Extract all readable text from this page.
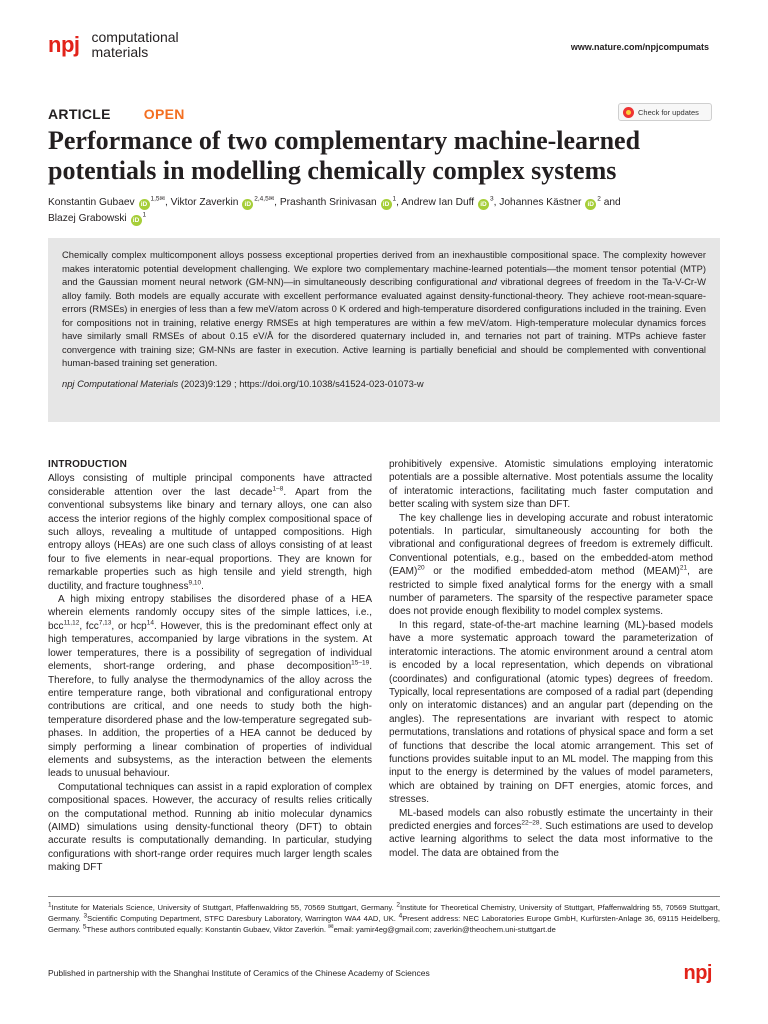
npj computational
materials	www.nature.com/npjcompumats
ARTICLE OPEN	Check for updates
Performance of two complementary machine-learned potentials in modelling chemically complex systems
Konstantin Gubaev $iD^{1,5✉}$, Viktor Zaverkin $iD^{2,4,5✉}$, Prashanth Srinivasan $iD^1$, Andrew Ian Duff $iD^3$, Johannes Kästner $iD^2$ and
Blazej Grabowski $iD^1$

Chemically complex multicomponent alloys possess exceptional properties derived from an inexhaustible compositional space. The complexity however makes interatomic potential development challenging. We explore two complementary machine-learned potentials—the moment tensor potential (MTP) and the Gaussian moment neural network (GM-NN)—in simultaneously describing configurational and vibrational degrees of freedom in the Ta-V-Cr-W alloy family. Both models are equally accurate with excellent performance evaluated against density-functional-theory. They achieve root-mean-square-errors (RMSEs) in energies of less than a few meV/atom across 0 K ordered and high-temperature disordered configurations included in the training. Even for compositions not in training, relative energy RMSEs at high temperatures are within a few meV/atom. High-temperature molecular dynamics forces have similarly small RMSEs of about 0.15 eV/Å for the disordered quaternary included in, and ternaries not part of training. MTPs achieve faster convergence with training size; GM-NNs are faster in execution. Active learning is partially beneficial and should be complemented with conventional human-based training set generation.

npj Computational Materials (2023)9:129 ; https://doi.org/10.1038/s41524-023-01073-w

INTRODUCTION

Alloys consisting of multiple principal components have attracted considerable attention over the last decade$^{1-8}$. Apart from the conventional subsystems like binary and ternary alloys, one can also access the interior regions of the highly complex compositional space of such alloys, revealing a multitude of untapped compositions. High entropy alloys (HEAs) are one such class of alloys consisting of at least four to five elements in near-equal proportions. They are known for remarkable properties such as high tensile and yield strength, high ductility, and fracture toughness$^{9,10}$.

A high mixing entropy stabilises the disordered phase of a HEA wherein elements randomly occupy sites of the simple lattices, i.e., bcc$^{11,12}$, fcc$^{7,13}$, or hcp$^{14}$. However, this is the predominant effect only at high temperatures, accompanied by large vibrations in the system. At lower temperatures, there is a possibility of segregation of individual elements, short-range ordering, and phase decomposition$^{15-19}$. Therefore, to fully analyse the thermodynamics of the alloy across the entire temperature range, both vibrational and configurational entropy contributions are critical, and one needs to study both the high-temperature disordered phase and the low-temperature segregated sub-phases. In addition, the properties of a HEA cannot be deduced by simply performing a linear combination of properties of individual elements and subsystems, as the interaction between the elements leads to unusual behaviour.

Computational techniques can assist in a rapid exploration of complex compositional spaces. However, the accuracy of results relies critically on the computational method. Running ab initio molecular dynamics (AIMD) simulations using density-functional theory (DFT) to obtain accurate results is computationally demanding. In particular, studying configurations with short-range order requires much larger length scales making DFT

prohibitively expensive. Atomistic simulations employing interatomic potentials are a possible alternative. Most potentials assume the locality of interatomic interactions, facilitating much faster computation and better scaling with system size than DFT.

The key challenge lies in developing accurate and robust interatomic potentials. In particular, simultaneously accounting for both the vibrational and configurational degrees of freedom is extremely difficult. Conventional potentials, e.g., based on the embedded-atom method (EAM)$^{20}$ or the modified embedded-atom method (MEAM)$^{21}$, are restricted to simple fixed analytical forms for the energy with a small number of parameters. The sparsity of the respective parameter space does not provide enough flexibility to model complex systems.

In this regard, state-of-the-art machine learning (ML)-based models have a more systematic approach toward the parameterization of interatomic interactions. The atomic environment around a central atom is encoded by a local representation, which depends on vibrational (coordinates) and configurational (atomic types) degrees of freedom. Typically, local representations are composed of a radial part (depending only on interatomic distances) and an angular part (depending on the angles). The representations are invariant with respect to atomic permutations, translations and rotations of physical space and form a set of functions that describe the local atomic arrangement. This set of functions provides suitable input to an ML model. The mapping from this input to the energy is determined by the values of model parameters, which are obtained by training on DFT energies, atomic forces, and stresses.

ML-based models can also robustly estimate the uncertainty in their predicted energies and forces$^{22-28}$. Such estimations are used to develop active learning algorithms to select the data most informative to the model. The data are obtained from the

$^1$Institute for Materials Science, University of Stuttgart, Pfaffenwaldring 55, 70569 Stuttgart, Germany. $^2$Institute for Theoretical Chemistry, University of Stuttgart, Pfaffenwaldring 55, 70569 Stuttgart, Germany. $^3$Scientific Computing Department, STFC Daresbury Laboratory, Warrington WA4 4AD, UK. $^4$Present address: NEC Laboratories Europe GmbH, Kurfürsten-Anlage 36, 69115 Heidelberg, Germany. $^5$These authors contributed equally: Konstantin Gubaev, Viktor Zaverkin. ✉email: yamir4eg@gmail.com; zaverkin@theochem.uni-stuttgart.de
Published in partnership with the Shanghai Institute of Ceramics of the Chinese Academy of Sciences	npj
